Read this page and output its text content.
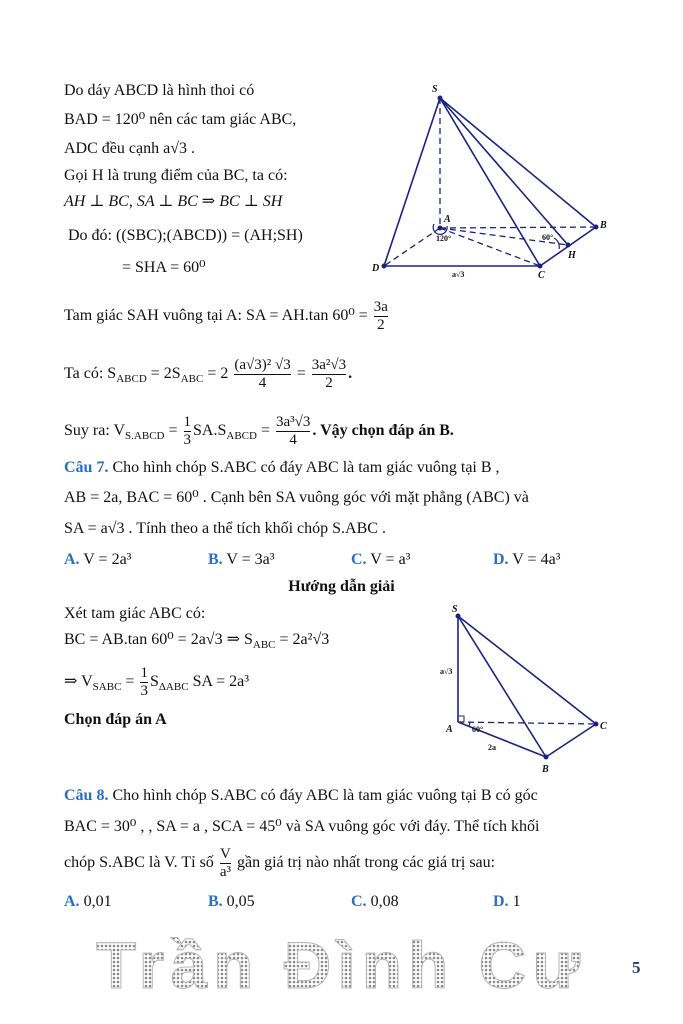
Do dáy ABCD là hình thoi có
BAD = 120⁰ nên các tam giác ABC,
ADC đều cạnh a√3 .
Gọi H là trung điểm của BC, ta có:
AH ⊥ BC, SA ⊥ BC ⇒ BC ⊥ SH
Do đó: ((SBC);(ABCD)) = (AH;SH)
= SHA = 60⁰
Tam giác SAH vuông tại A: SA = AH.tan $60^0 = \frac{3a}{2}$
Ta có: $S_{ABCD} = 2S_{ABC} = 2 \frac{\text{(a√3)² √3}}{4} = \frac{\text{3a²√3}}{2}$ .
Suy ra: $V_{S.ABCD} = \frac{1}{3} SA.S_{ABCD} = \frac{\text{3a³√3}}{4}$ . Vậy chọn đáp án B.
S
A
B
C
D
H
120°	60°
a√3
Câu 7. Cho hình chóp S.ABC có đáy ABC là tam giác vuông tại B ,
AB = 2a, BAC = 60⁰ . Cạnh bên SA vuông góc với mặt phẳng (ABC) và
SA = a√3 . Tính theo a thể tích khối chóp S.ABC .
A. V = 2a³	B. V = 3a³	C. V = a³	D. V = 4a³
Hướng dẫn giải
Xét tam giác ABC có:
BC = AB.tan 60⁰ = 2a√3 ⇒ $S_{ABC} = 2a^2√3$
⇒ $V_{SABC} = \frac{1}{3} S_{\Delta ABC}$ SA = 2a³
Chọn đáp án A
S
A
B
C
a√3
2a
60°
Câu 8. Cho hình chóp S.ABC có đáy ABC là tam giác vuông tại B có góc
BAC = 30⁰ , , SA = a , SCA = 45⁰ và SA vuông góc với đáy. Thể tích khối
chóp S.ABC là V. Tỉ số $\frac{V}{\text{a³}}$ gần giá trị nào nhất trong các giá trị sau:
A. 0,01	B. 0,05	C. 0,08	D. 1
Trần Đình Cư	5
